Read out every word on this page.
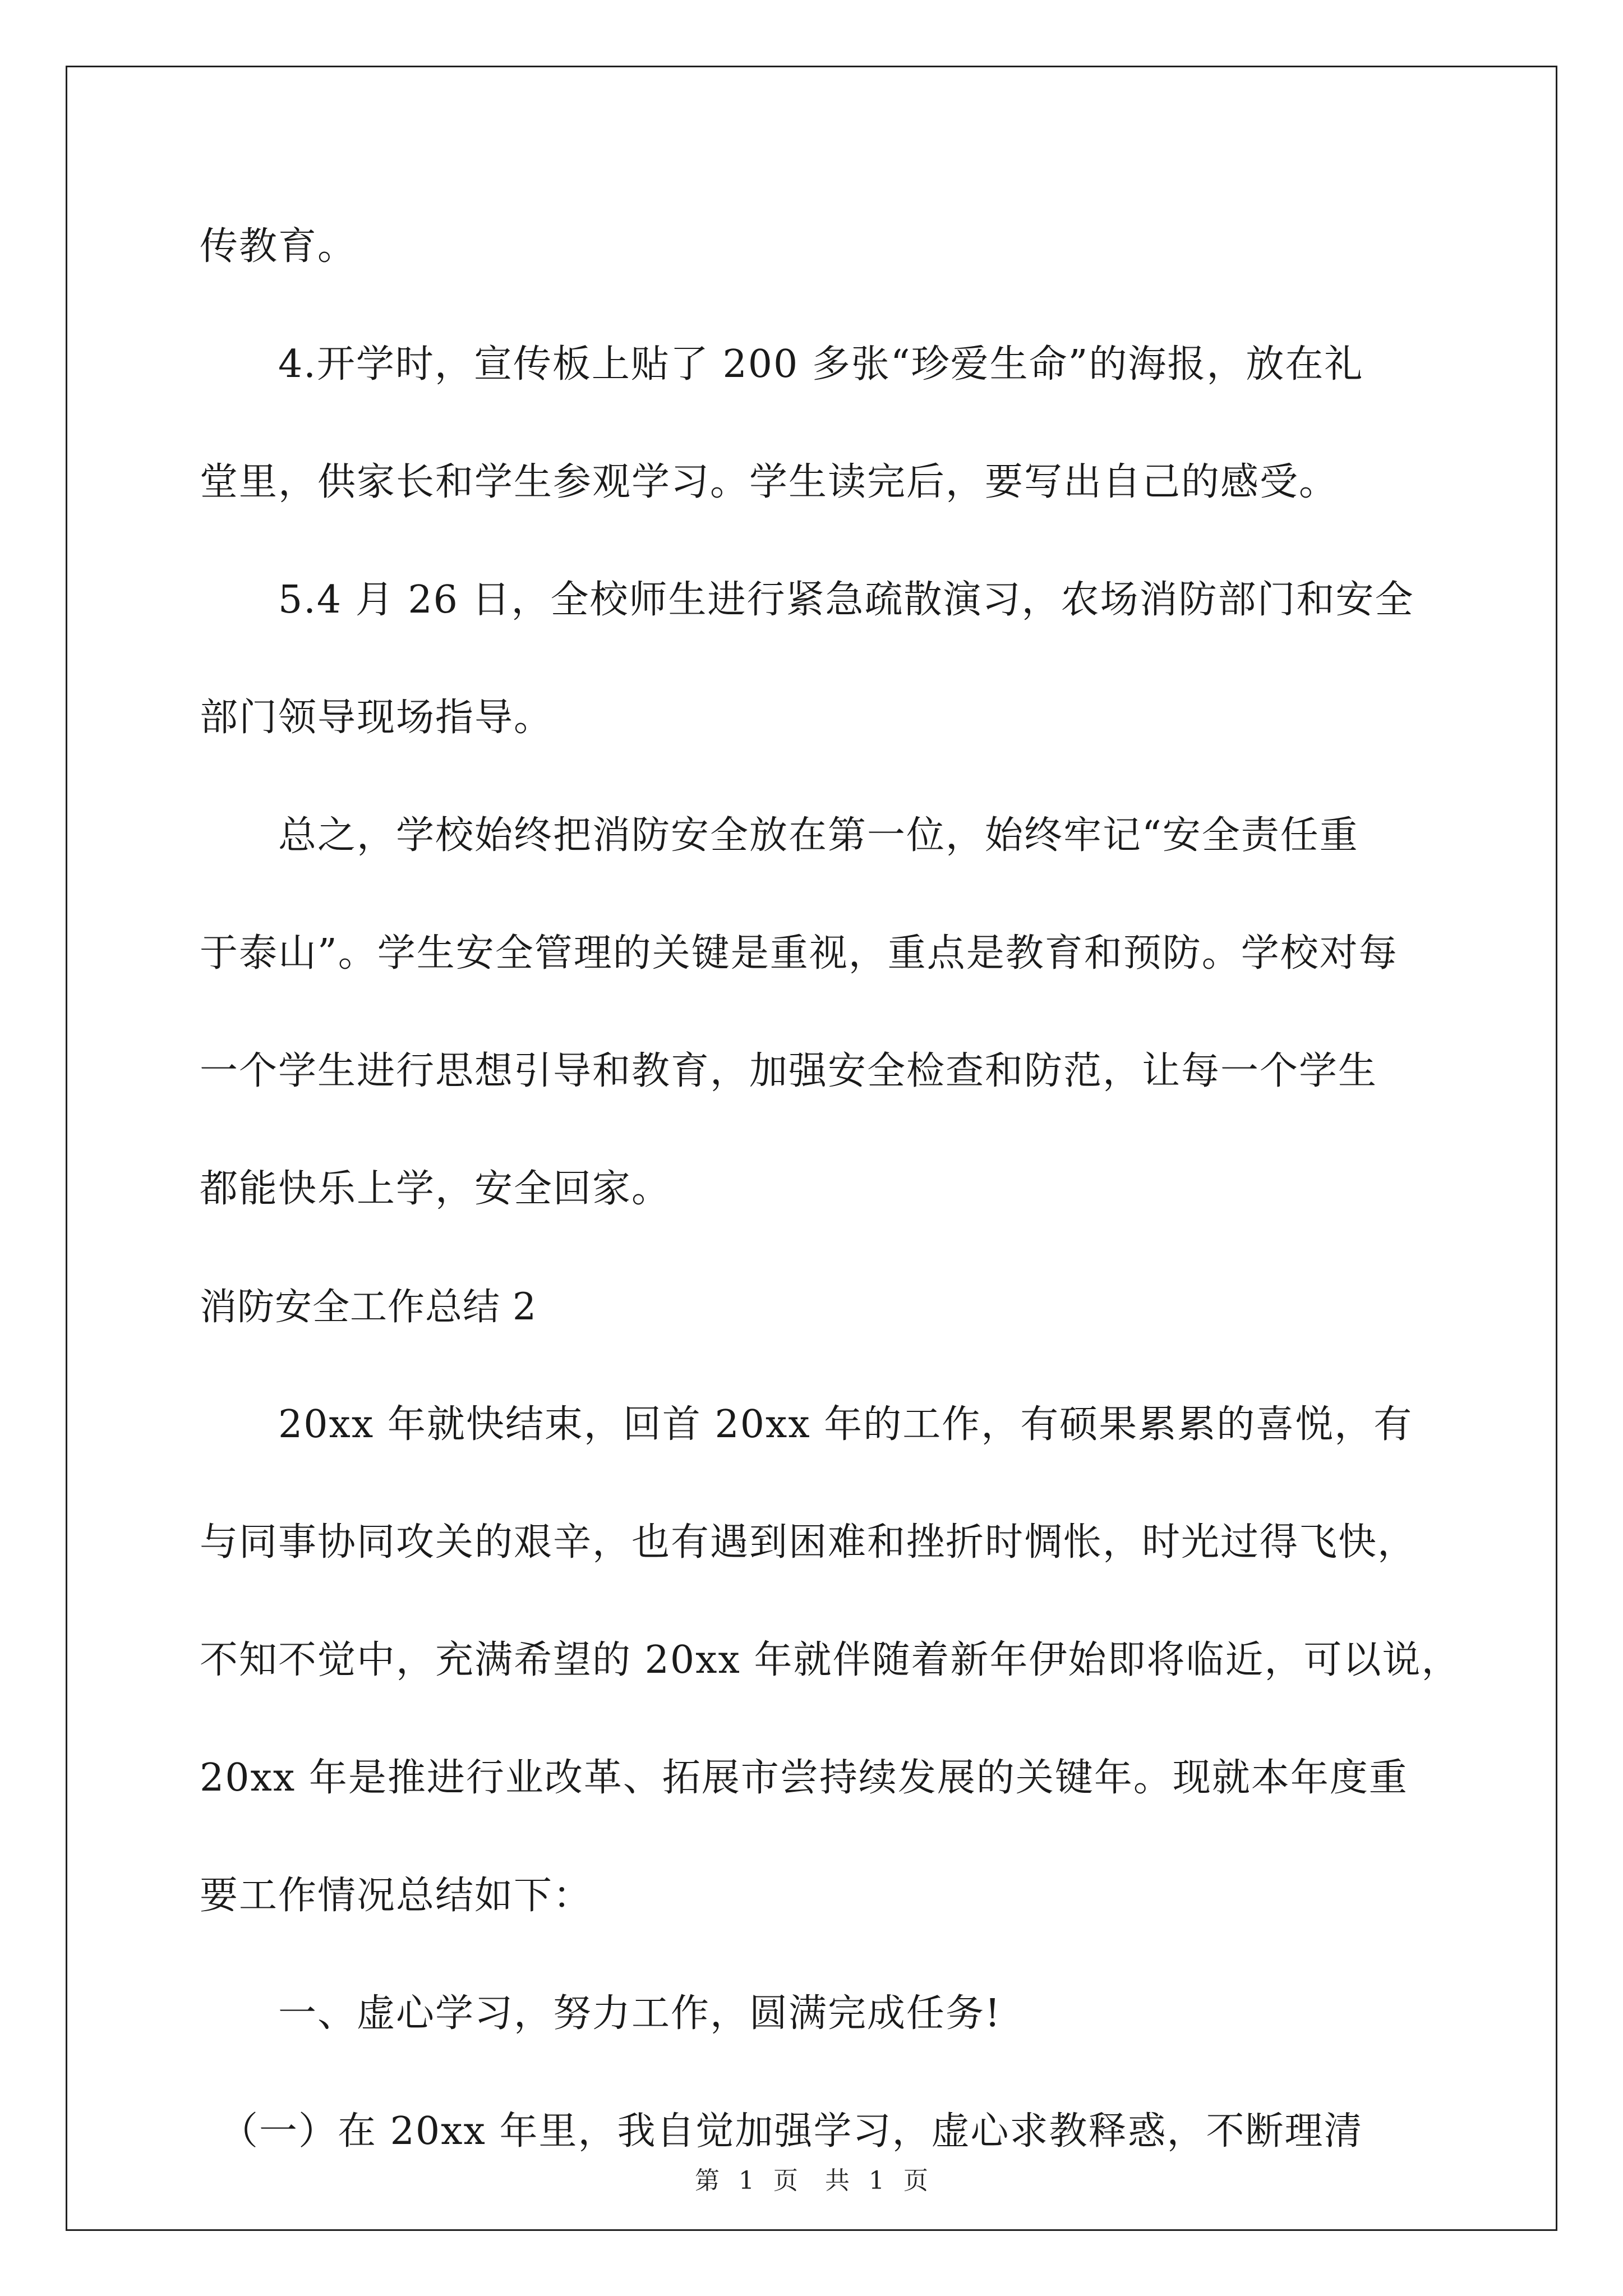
传教育。
　　4.开学时，宣传板上贴了 200 多张“珍爱生命”的海报，放在礼
堂里，供家长和学生参观学习。学生读完后，要写出自己的感受。
　　5.4 月 26 日，全校师生进行紧急疏散演习，农场消防部门和安全
部门领导现场指导。
　　总之，学校始终把消防安全放在第一位，始终牢记“安全责任重
于泰山”。学生安全管理的关键是重视，重点是教育和预防。学校对每
一个学生进行思想引导和教育，加强安全检查和防范，让每一个学生
都能快乐上学，安全回家。
消防安全工作总结 2
　　20xx 年就快结束，回首 20xx 年的工作，有硕果累累的喜悦，有
与同事协同攻关的艰辛，也有遇到困难和挫折时惆怅，时光过得飞快，
不知不觉中，充满希望的 20xx 年就伴随着新年伊始即将临近，可以说，
20xx 年是推进行业改革、拓展市尝持续发展的关键年。现就本年度重
要工作情况总结如下：
　　一、虚心学习，努力工作，圆满完成任务!
　（一）在 20xx 年里，我自觉加强学习，虚心求教释惑，不断理清
第 1 页 共 1 页
